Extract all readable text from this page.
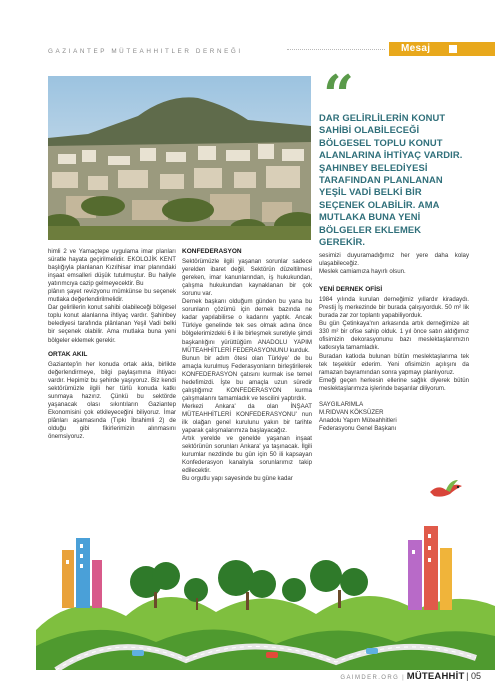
GAZIANTEP MÜTEAHHITLER DERNEĞI	Mesaj
“
DAR GELİRLİLERİN KONUT SAHİBİ OLABİLECEĞİ BÖLGESEL TOPLU KONUT ALANLARINA İHTİYAÇ VARDIR. ŞAHINBEY BELEDİYESİ TARAFINDAN PLANLANAN YEŞİL VADİ BELKİ BİR SEÇENEK OLABİLİR. AMA MUTLAKA BUNA YENİ BÖLGELER EKLEMEK GEREKİR.

himli 2 ve Yamaçtepe uygulama imar planları süratle hayata geçirilmelidir. EKOLOJİK KENT başlığıyla planlanan Kızılhisar imar planındaki inşaat emsalleri düşük tutulmuştur. Bu haliyle yatırımcıya cazip gelmeyecektir. Bu

plânın şayet revizyonu mümkünse bu seçenek mutlaka değerlendirilmelidir.

Dar gelirlilerin konut sahibi olabileceği bölgesel toplu konut alanlarına ihtiyaç vardır. Şahinbey belediyesi tarafında plânlanan Yeşil Vadi belki bir seçenek olabilir. Ama mutlaka buna yeni bölgeler eklemek gerekir.

ORTAK AKIL

Gaziantep'in her konuda ortak akla, birlikte değerlendirmeye, bilgi paylaşımına ihtiyacı vardır. Hepimiz bu şehirde yaşıyoruz. Biz kendi sektörümüzle ilgili her türlü konuda katkı sunmaya hazırız. Çünkü bu sektörde yaşanacak olası sıkıntıların Gaziantep Ekonomisini çok etkileyeceğini biliyoruz. İmar plânları aşamasında (Tıpkı İbrahimli 2) de olduğu gibi fikirlerimizin alınmasını önemsiyoruz.

KONFEDERASYON

Sektörümüzle ilgili yaşanan sorunlar sadece yerelden ibaret değil. Sektörün düzeltilmesi gereken, imar kanunlarından, iş hukukundan, çalışma hukukundan kaynaklanan bir çok sorunu var.

Dernek başkanı olduğum günden bu yana bu sorunların çözümü için dernek bazında ne kadar yapılabilirse o kadarını yaptık. Ancak Türkiye genelinde tek ses olmak adına önce bölgelerimizdeki 6 il ile birleşmek suretiyle şimdi başkanlığını yürüttüğüm ANADOLU YAPIM MÜTEAHHİTLERİ FEDERASYONUNU kurduk.

Bunun bir adım ötesi olan Türkiye' de bu amaçla kurulmuş Federasyonların birleştirilerek KONFEDERASYON çatısını kurmak ise temel hedefimizdi. İşte bu amaçla uzun süredir çalıştığımız KONFEDERASYON kurma çalışmalarını tamamladık ve tescilini yaptırdık.

Merkezi Ankara' da olan İNŞAAT MÜTEAHHİTLERİ KONFEDERASYONU' nun ilk olağan genel kurulunu yakın bir tarihte yaparak çalışmalarımıza başlayacağız.

Artık yerelde ve genelde yaşanan inşaat sektörünün sorunları Ankara' ya taşınacak. İlgili kurumlar nezdinde bu gün için 50 ili kapsayan Konfederasyon kanalıyla sorunlarımız takip edilecektir.

Bu orgutlu yapı sayesinde bu güne kadar

sesimizi duyuramadığımız her yere daha kolay ulaşabileceğiz.

Meslek camiamıza hayırlı olsun.

YENİ DERNEK OFİSİ

1984 yılında kurulan derneğimiz yıllardır kiradaydı. Prestij İş merkezinde bir burada çalışıyorduk. 50 m² lik burada zar zor toplantı yapabiliyorduk.

Bu gün Çetinkaya'nın arkasında artık derneğimize ait 330 m² bir ofise sahip olduk. 1 yıl önce satın aldığımız ofisimizin dekorasyonunu bazı meslektaşlarımızın katkısıyla tamamladık.

Buradan katkıda bulunan bütün meslektaşlarıma tek tek teşekkür ederim. Yeni ofisimizin açılışını da ramazan bayramından sonra yapmayı planlıyoruz.

Emeği geçen herkesin ellerine sağlık diyerek bütün meslektaşlarımıza işlerinde başarılar diliyorum.

SAYGILARIMLA

M.RIDVAN KÖKSÜZER

Anadolu Yapım Müteahhitleri

Federasyonu Genel Başkanı

GAIMDER.ORG | MÜTEAHHİT | 05
